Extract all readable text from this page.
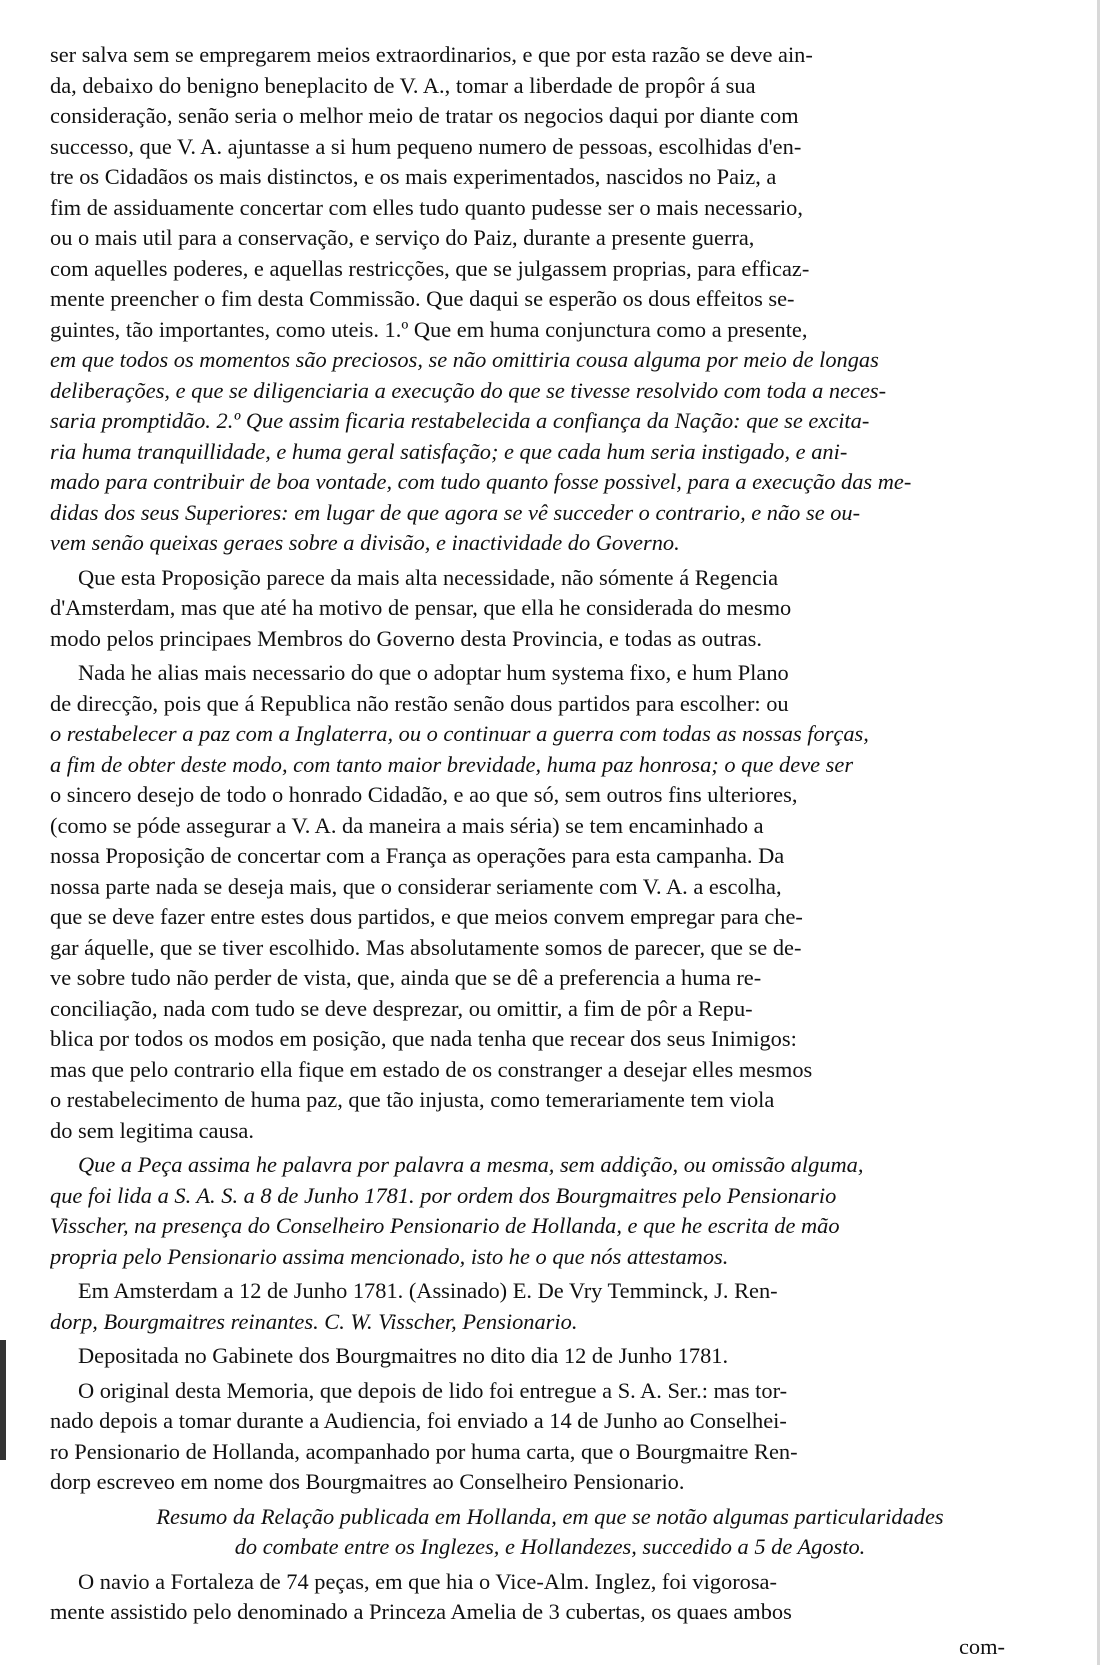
ser salva sem se empregarem meios extraordinarios, e que por esta razão se deve ain-
da, debaixo do benigno beneplacito de V. A., tomar a liberdade de propôr á sua
consideração, senão seria o melhor meio de tratar os negocios daqui por diante com
successo, que V. A. ajuntasse a si hum pequeno numero de pessoas, escolhidas d'en-
tre os Cidadãos os mais distinctos, e os mais experimentados, nascidos no Paiz, a
fim de assiduamente concertar com elles tudo quanto pudesse ser o mais necessario,
ou o mais util para a conservação, e serviço do Paiz, durante a presente guerra,
com aquelles poderes, e aquellas restricções, que se julgassem proprias, para efficaz-
mente preencher o fim desta Commissão. Que daqui se esperão os dous effeitos se-
guintes, tão importantes, como uteis. 1.º Que em huma conjunctura como a presente,
em que todos os momentos são preciosos, se não omittiria cousa alguma por meio de longas
deliberações, e que se diligenciaria a execução do que se tivesse resolvido com toda a neces-
saria promptidão. 2.º Que assim ficaria restabelecida a confiança da Nação: que se excita-
ria huma tranquillidade, e huma geral satisfação; e que cada hum seria instigado, e ani-
mado para contribuir de boa vontade, com tudo quanto fosse possivel, para a execução das me-
didas dos seus Superiores: em lugar de que agora se vê succeder o contrario, e não se ou-
vem senão queixas geraes sobre a divisão, e inactividade do Governo.
Que esta Proposição parece da mais alta necessidade, não sómente á Regencia
d'Amsterdam, mas que até ha motivo de pensar, que ella he considerada do mesmo
modo pelos principaes Membros do Governo desta Provincia, e todas as outras.
Nada he alias mais necessario do que o adoptar hum systema fixo, e hum Plano
de direcção, pois que á Republica não restão senão dous partidos para escolher: ou
o restabelecer a paz com a Inglaterra, ou o continuar a guerra com todas as nossas forças,
a fim de obter deste modo, com tanto maior brevidade, huma paz honrosa; o que deve ser
o sincero desejo de todo o honrado Cidadão, e ao que só, sem outros fins ulteriores,
(como se póde assegurar a V. A. da maneira a mais séria) se tem encaminhado a
nossa Proposição de concertar com a França as operações para esta campanha. Da
nossa parte nada se deseja mais, que o considerar seriamente com V. A. a escolha,
que se deve fazer entre estes dous partidos, e que meios convem empregar para che-
gar áquelle, que se tiver escolhido. Mas absolutamente somos de parecer, que se de-
ve sobre tudo não perder de vista, que, ainda que se dê a preferencia a huma re-
conciliação, nada com tudo se deve desprezar, ou omittir, a fim de pôr a Repu-
blica por todos os modos em posição, que nada tenha que recear dos seus Inimigos:
mas que pelo contrario ella fique em estado de os constranger a desejar elles mesmos
o restabelecimento de huma paz, que tão injusta, como temerariamente tem viola
do sem legitima causa.
Que a Peça assima he palavra por palavra a mesma, sem addição, ou omissão alguma,
que foi lida a S. A. S. a 8 de Junho 1781. por ordem dos Bourgmaitres pelo Pensionario
Visscher, na presença do Conselheiro Pensionario de Hollanda, e que he escrita de mão
propria pelo Pensionario assima mencionado, isto he o que nós attestamos.
Em Amsterdam a 12 de Junho 1781. (Assinado) E. De Vry Temminck, J. Ren-
dorp, Bourgmaitres reinantes. C. W. Visscher, Pensionario.
Depositada no Gabinete dos Bourgmaitres no dito dia 12 de Junho 1781.
O original desta Memoria, que depois de lido foi entregue a S. A. Ser.: mas tor-
nado depois a tomar durante a Audiencia, foi enviado a 14 de Junho ao Conselhei-
ro Pensionario de Hollanda, acompanhado por huma carta, que o Bourgmaitre Ren-
dorp escreveo em nome dos Bourgmaitres ao Conselheiro Pensionario.
Resumo da Relação publicada em Hollanda, em que se notão algumas particularidades
do combate entre os Inglezes, e Hollandezes, succedido a 5 de Agosto.
O navio a Fortaleza de 74 peças, em que hia o Vice-Alm. Inglez, foi vigorosa-
mente assistido pelo denominado a Princeza Amelia de 3 cubertas, os quaes ambos
com-
